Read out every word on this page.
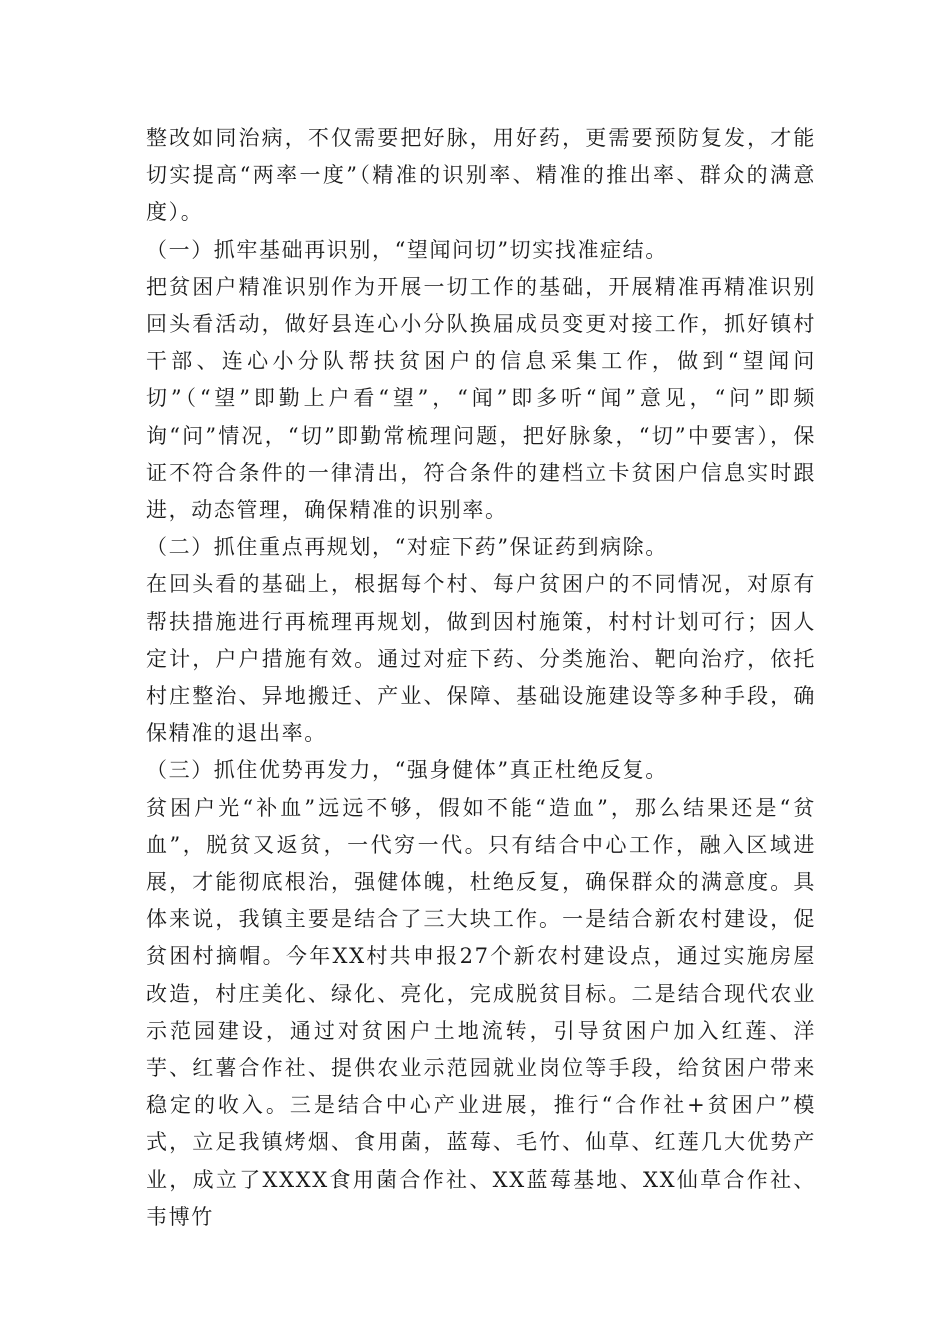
整改如同治病，不仅需要把好脉，用好药，更需要预防复发，才能切实提高“两率一度”（精准的识别率、精准的推出率、群众的满意度）。

（一）抓牢基础再识别，“望闻问切”切实找准症结。

把贫困户精准识别作为开展一切工作的基础，开展精准再精准识别回头看活动，做好县连心小分队换届成员变更对接工作，抓好镇村干部、连心小分队帮扶贫困户的信息采集工作，做到“望闻问切”（“望”即勤上户看“望”，“闻”即多听“闻”意见，“问”即频询“问”情况，“切”即勤常梳理问题，把好脉象，“切”中要害），保证不符合条件的一律清出，符合条件的建档立卡贫困户信息实时跟进，动态管理，确保精准的识别率。

（二）抓住重点再规划，“对症下药”保证药到病除。

在回头看的基础上，根据每个村、每户贫困户的不同情况，对原有帮扶措施进行再梳理再规划，做到因村施策，村村计划可行；因人定计，户户措施有效。通过对症下药、分类施治、靶向治疗，依托村庄整治、异地搬迁、产业、保障、基础设施建设等多种手段，确保精准的退出率。

（三）抓住优势再发力，“强身健体”真正杜绝反复。

贫困户光“补血”远远不够，假如不能“造血”，那么结果还是“贫血”，脱贫又返贫，一代穷一代。只有结合中心工作，融入区域进展，才能彻底根治，强健体魄，杜绝反复，确保群众的满意度。具体来说，我镇主要是结合了三大块工作。一是结合新农村建设，促贫困村摘帽。今年XX村共申报27个新农村建设点，通过实施房屋改造，村庄美化、绿化、亮化，完成脱贫目标。二是结合现代农业示范园建设，通过对贫困户土地流转，引导贫困户加入红莲、洋芋、红薯合作社、提供农业示范园就业岗位等手段，给贫困户带来稳定的收入。三是结合中心产业进展，推行“合作社+贫困户”模式，立足我镇烤烟、食用菌，蓝莓、毛竹、仙草、红莲几大优势产业，成立了XXXX食用菌合作社、XX蓝莓基地、XX仙草合作社、韦博竹
